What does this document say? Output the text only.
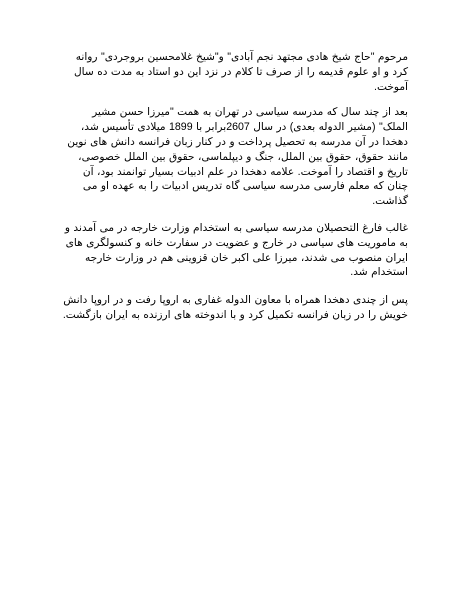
مرحوم "حاج شیخ هادی مجتهد نجم آبادی" و"شیخ غلامحسین بروجردی" روانه کرد و او علوم قدیمه را از صرف تا کلام در نزد این دو استاد به مدت ده سال آموخت.

بعد از چند سال که مدرسه سیاسی در تهران به همت "میرزا حسن مشیر الملک" (مشیر الدوله بعدی) در سال 2607برابر با 1899 میلادی تأسیس شد، دهخدا در آن مدرسه به تحصیل پرداخت و در کنار زبان فرانسه دانش های نوین مانند حقوق، حقوق بین الملل، جنگ و دیپلماسی، حقوق بین الملل خصوصی، تاریخ و اقتصاد را آموخت. علامه دهخدا در علم ادبیات بسیار توانمند بود، آن چنان که معلم فارسی مدرسه سیاسی گاه تدریس ادبیات را به عهده او می گذاشت.

غالب فارغ التحصیلان مدرسه سیاسی به استخدام وزارت خارجه در می آمدند و به ماموریت های سیاسی در خارج و عضویت در سفارت خانه و کنسولگری های ایران منصوب می شدند، میرزا علی اکبر خان قزوینی هم در وزارت خارجه استخدام شد.

پس از چندی دهخدا همراه با معاون الدوله غفاری به اروپا رفت و در اروپا دانش خویش را در زبان فرانسه تکمیل کرد و با اندوخته های ارزنده به ایران بازگشت.
